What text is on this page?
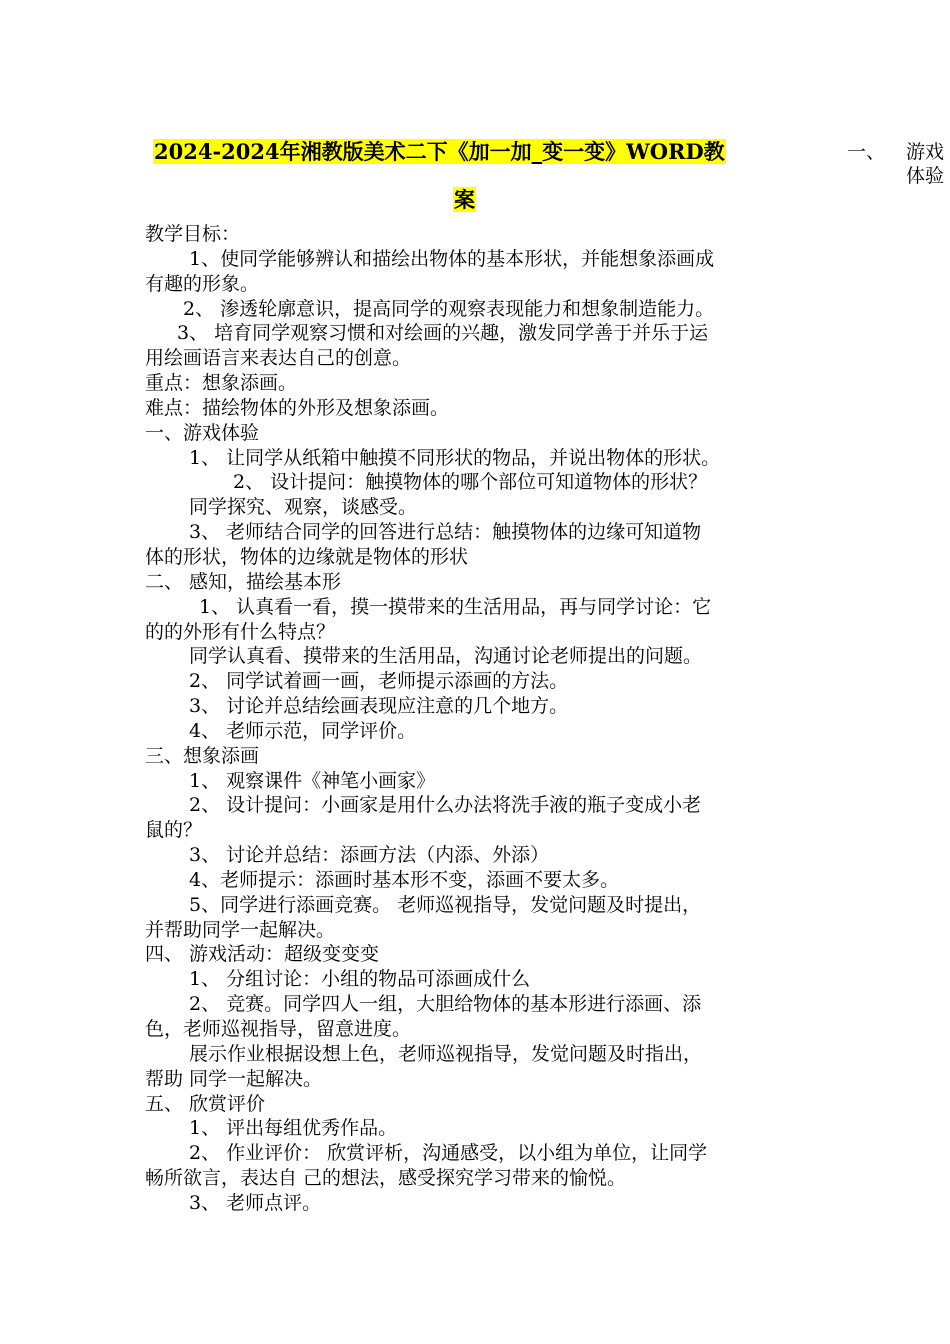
2024-2024年湘教版美术二下《加一加_变一变》WORD教
案
一、 游戏
体验
教学目标：
1、使同学能够辨认和描绘出物体的基本形状，并能想象添画成
有趣的形象。
2、 渗透轮廓意识，提高同学的观察表现能力和想象制造能力。
3、 培育同学观察习惯和对绘画的兴趣，激发同学善于并乐于运
用绘画语言来表达自己的创意。
重点：想象添画。
难点：描绘物体的外形及想象添画。
一、游戏体验
1、 让同学从纸箱中触摸不同形状的物品，并说出物体的形状。
2、 设计提问：触摸物体的哪个部位可知道物体的形状？
同学探究、观察，谈感受。
3、 老师结合同学的回答进行总结：触摸物体的边缘可知道物
体的形状，物体的边缘就是物体的形状
二、 感知，描绘基本形
1、 认真看一看，摸一摸带来的生活用品，再与同学讨论：它
的的外形有什么特点？
同学认真看、摸带来的生活用品，沟通讨论老师提出的问题。
2、 同学试着画一画，老师提示添画的方法。
3、 讨论并总结绘画表现应注意的几个地方。
4、 老师示范，同学评价。
三、想象添画
1、 观察课件《神笔小画家》
2、 设计提问：小画家是用什么办法将洗手液的瓶子变成小老
鼠的？
3、 讨论并总结：添画方法（内添、外添）
4、老师提示：添画时基本形不变，添画不要太多。
5、同学进行添画竞赛。 老师巡视指导，发觉问题及时提出，
并帮助同学一起解决。
四、 游戏活动：超级变变变
1、 分组讨论：小组的物品可添画成什么
2、 竞赛。同学四人一组，大胆给物体的基本形进行添画、添
色，老师巡视指导，留意进度。
展示作业根据设想上色，老师巡视指导，发觉问题及时指出，
帮助 同学一起解决。
五、 欣赏评价
1、 评出每组优秀作品。
2、 作业评价： 欣赏评析，沟通感受，以小组为单位，让同学
畅所欲言，表达自 己的想法，感受探究学习带来的愉悦。
3、 老师点评。
